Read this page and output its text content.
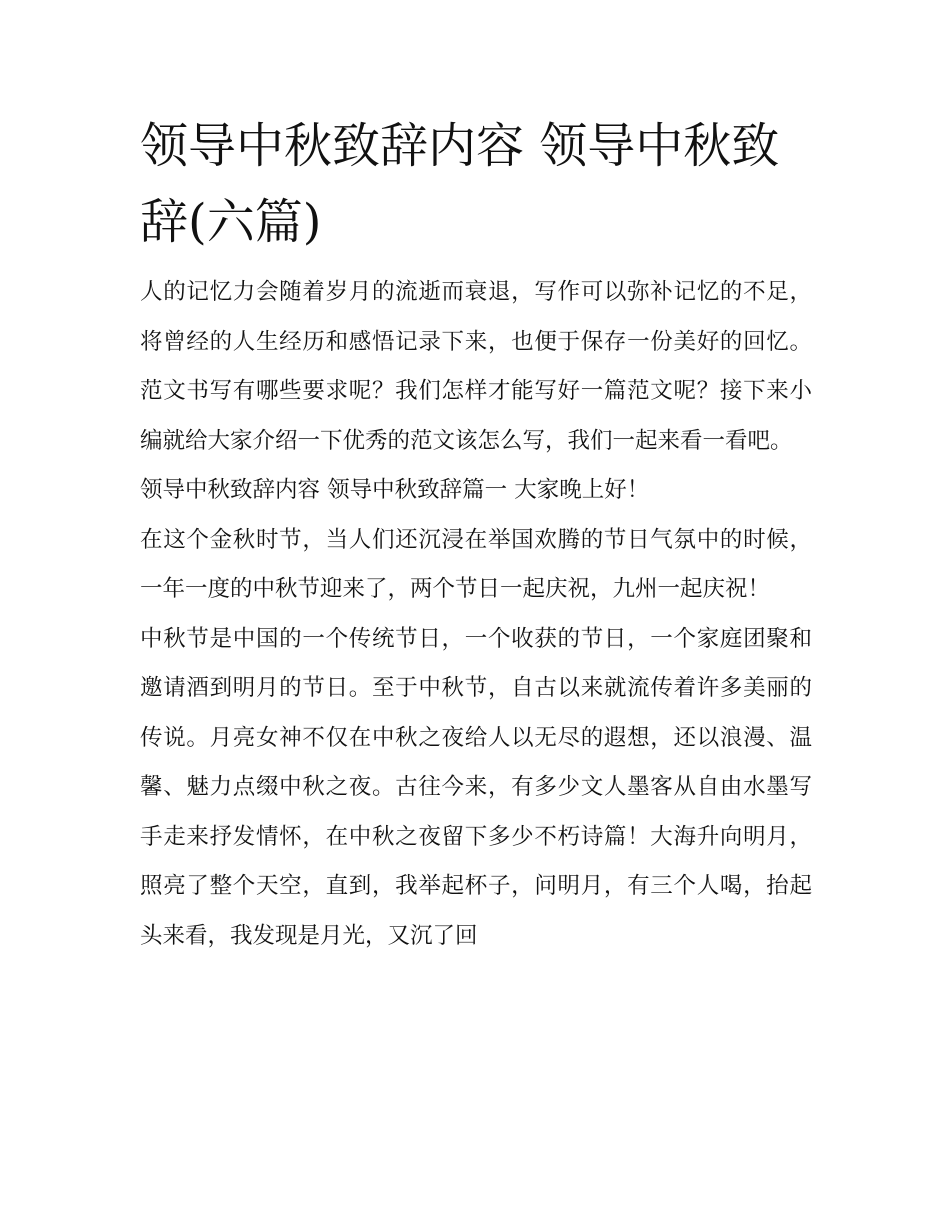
领导中秋致辞内容 领导中秋致辞(六篇)

人的记忆力会随着岁月的流逝而衰退，写作可以弥补记忆的不足，将曾经的人生经历和感悟记录下来，也便于保存一份美好的回忆。范文书写有哪些要求呢？我们怎样才能写好一篇范文呢？接下来小编就给大家介绍一下优秀的范文该怎么写，我们一起来看一看吧。

领导中秋致辞内容 领导中秋致辞篇一 大家晚上好！

在这个金秋时节，当人们还沉浸在举国欢腾的节日气氛中的时候，一年一度的中秋节迎来了，两个节日一起庆祝，九州一起庆祝！

中秋节是中国的一个传统节日，一个收获的节日，一个家庭团聚和邀请酒到明月的节日。至于中秋节，自古以来就流传着许多美丽的传说。月亮女神不仅在中秋之夜给人以无尽的遐想，还以浪漫、温馨、魅力点缀中秋之夜。古往今来，有多少文人墨客从自由水墨写手走来抒发情怀，在中秋之夜留下多少不朽诗篇！大海升向明月，照亮了整个天空，直到，我举起杯子，问明月，有三个人喝，抬起头来看，我发现是月光，又沉了回
